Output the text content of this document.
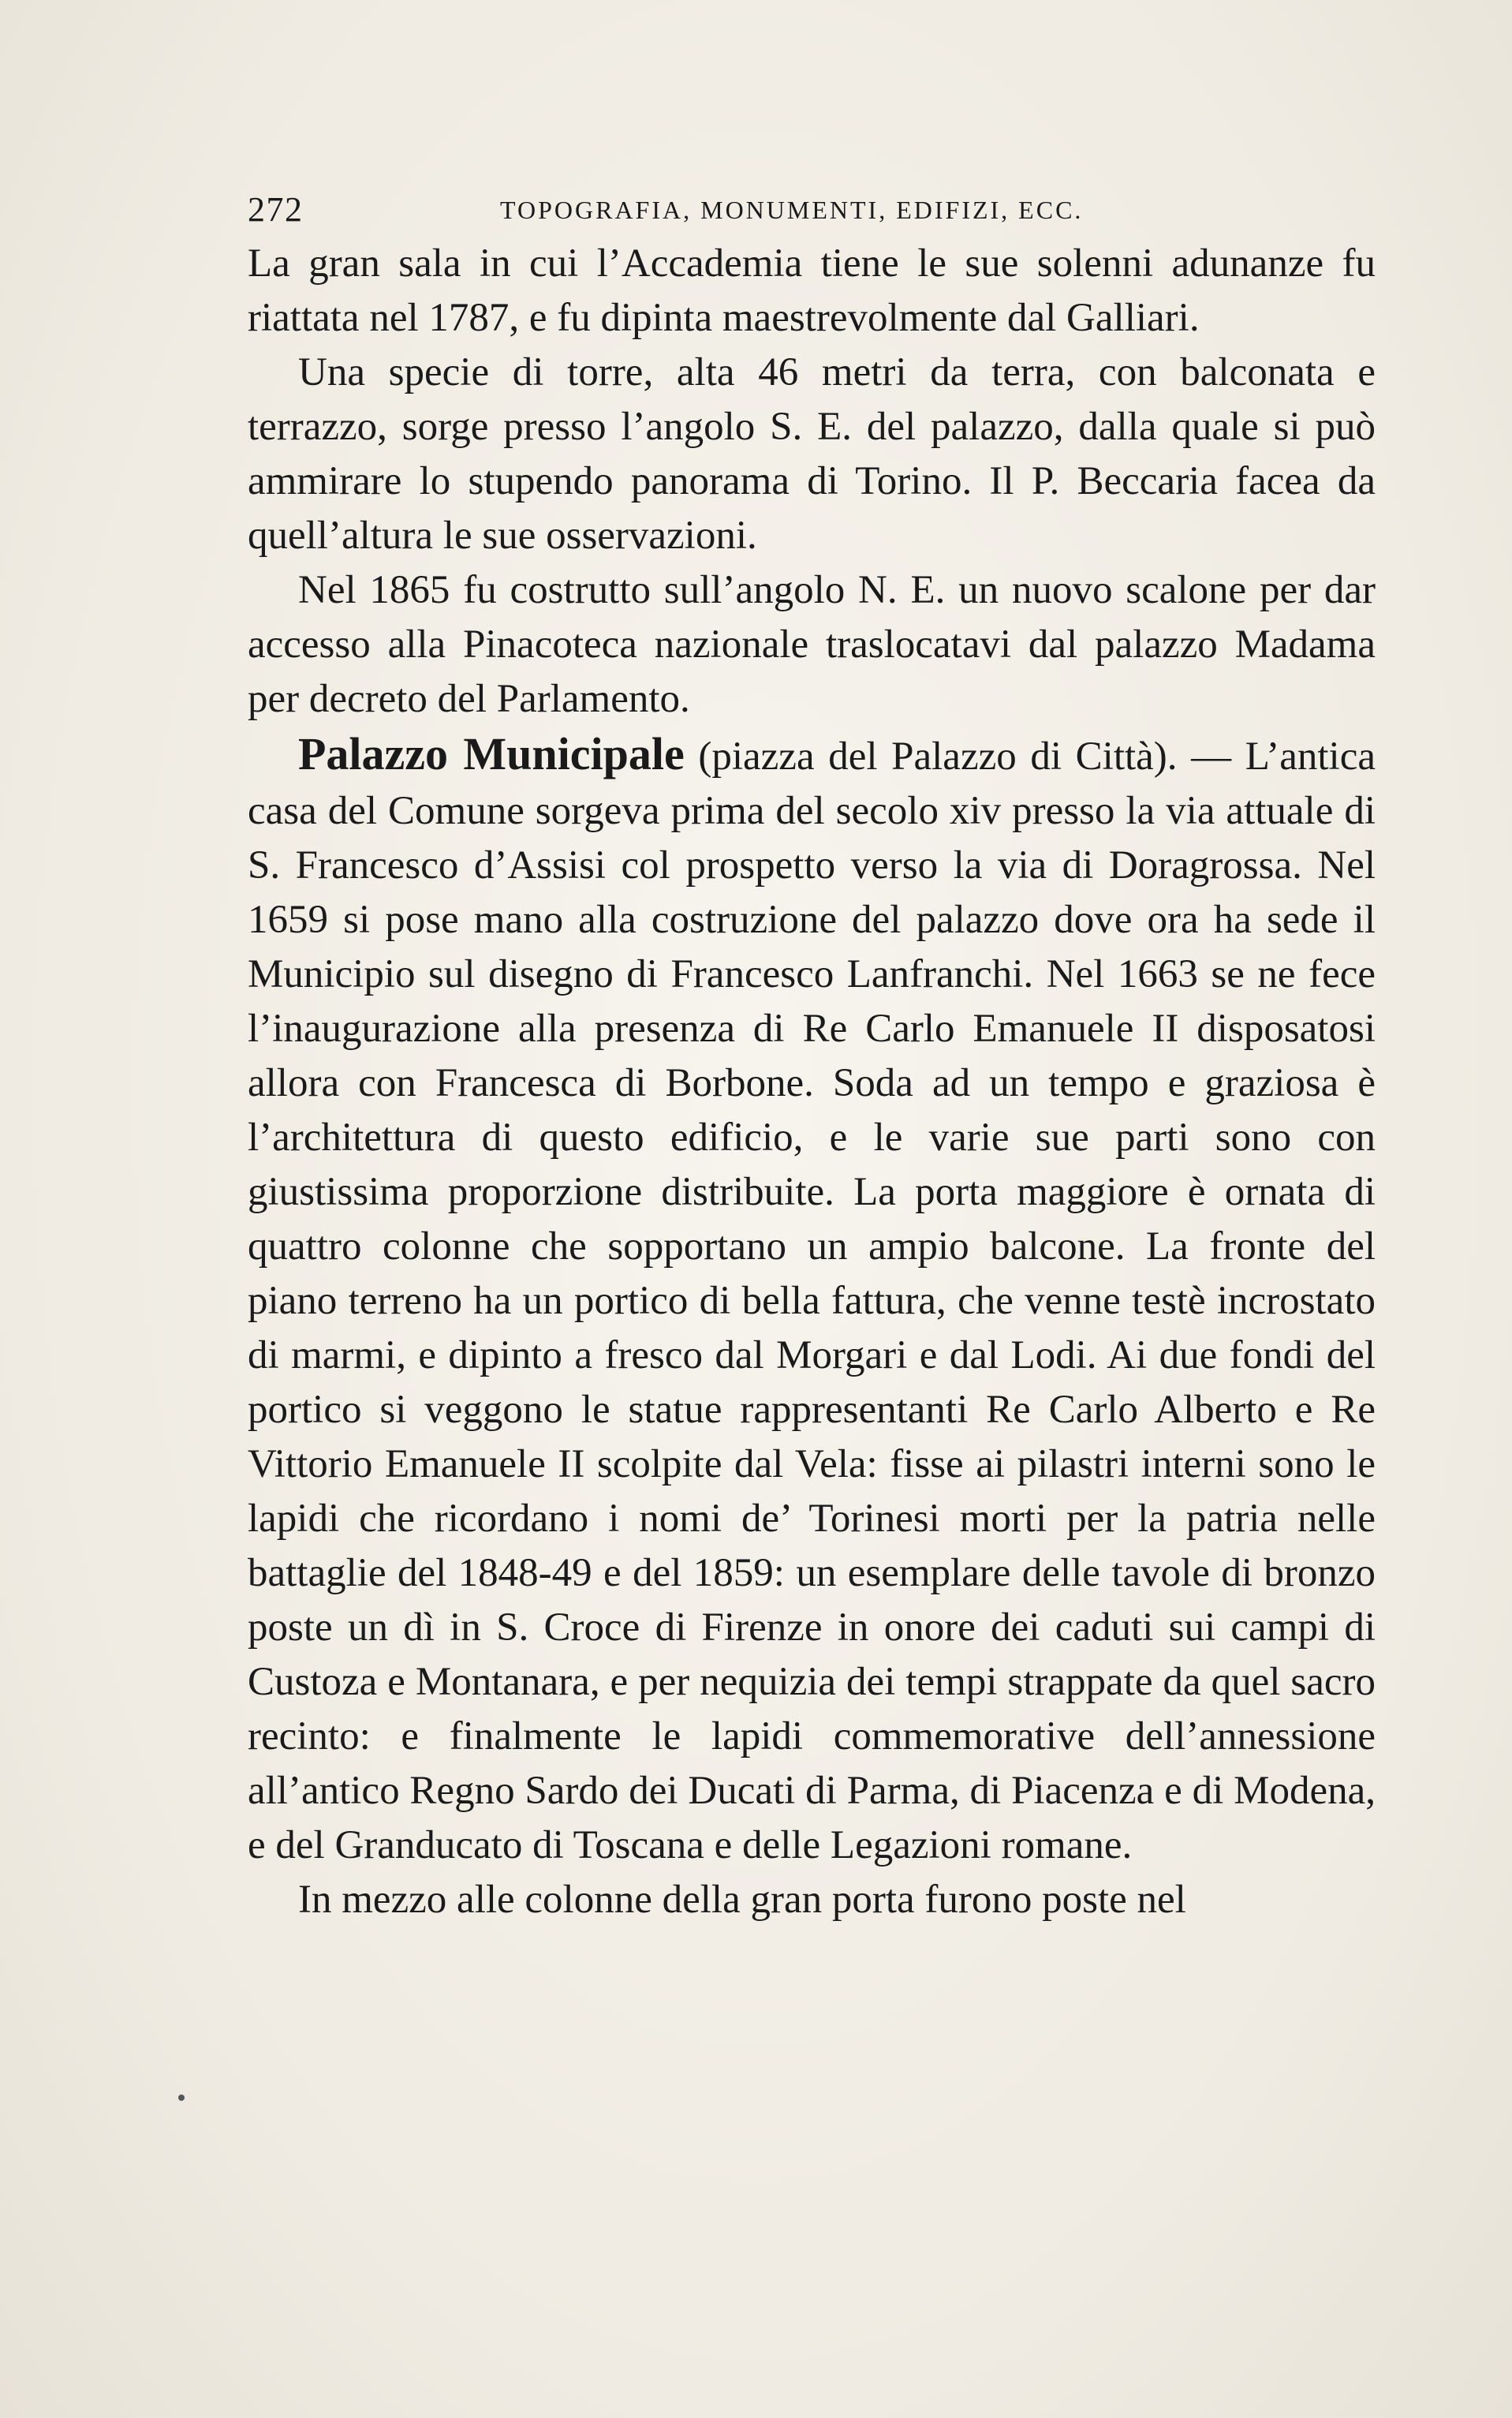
272	TOPOGRAFIA, MONUMENTI, EDIFIZI, ECC.

La gran sala in cui l’Accademia tiene le sue solenni adunanze fu riattata nel 1787, e fu dipinta maestrevolmente dal Galliari.

Una specie di torre, alta 46 metri da terra, con balconata e terrazzo, sorge presso l’angolo S. E. del palazzo, dalla quale si può ammirare lo stupendo panorama di Torino. Il P. Beccaria facea da quell’altura le sue osservazioni.

Nel 1865 fu costrutto sull’angolo N. E. un nuovo scalone per dar accesso alla Pinacoteca nazionale traslocatavi dal palazzo Madama per decreto del Parlamento.

Palazzo Municipale (piazza del Palazzo di Città). — L’antica casa del Comune sorgeva prima del secolo xiv presso la via attuale di S. Francesco d’Assisi col prospetto verso la via di Doragrossa. Nel 1659 si pose mano alla costruzione del palazzo dove ora ha sede il Municipio sul disegno di Francesco Lanfranchi. Nel 1663 se ne fece l’inaugurazione alla presenza di Re Carlo Emanuele II disposatosi allora con Francesca di Borbone. Soda ad un tempo e graziosa è l’architettura di questo edificio, e le varie sue parti sono con giustissima proporzione distribuite. La porta maggiore è ornata di quattro colonne che sopportano un ampio balcone. La fronte del piano terreno ha un portico di bella fattura, che venne testè incrostato di marmi, e dipinto a fresco dal Morgari e dal Lodi. Ai due fondi del portico si veggono le statue rappresentanti Re Carlo Alberto e Re Vittorio Emanuele II scolpite dal Vela: fisse ai pilastri interni sono le lapidi che ricordano i nomi de’ Torinesi morti per la patria nelle battaglie del 1848-49 e del 1859: un esemplare delle tavole di bronzo poste un dì in S. Croce di Firenze in onore dei caduti sui campi di Custoza e Montanara, e per nequizia dei tempi strappate da quel sacro recinto: e finalmente le lapidi commemorative dell’annessione all’antico Regno Sardo dei Ducati di Parma, di Piacenza e di Modena, e del Granducato di Toscana e delle Legazioni romane.

In mezzo alle colonne della gran porta furono poste nel
